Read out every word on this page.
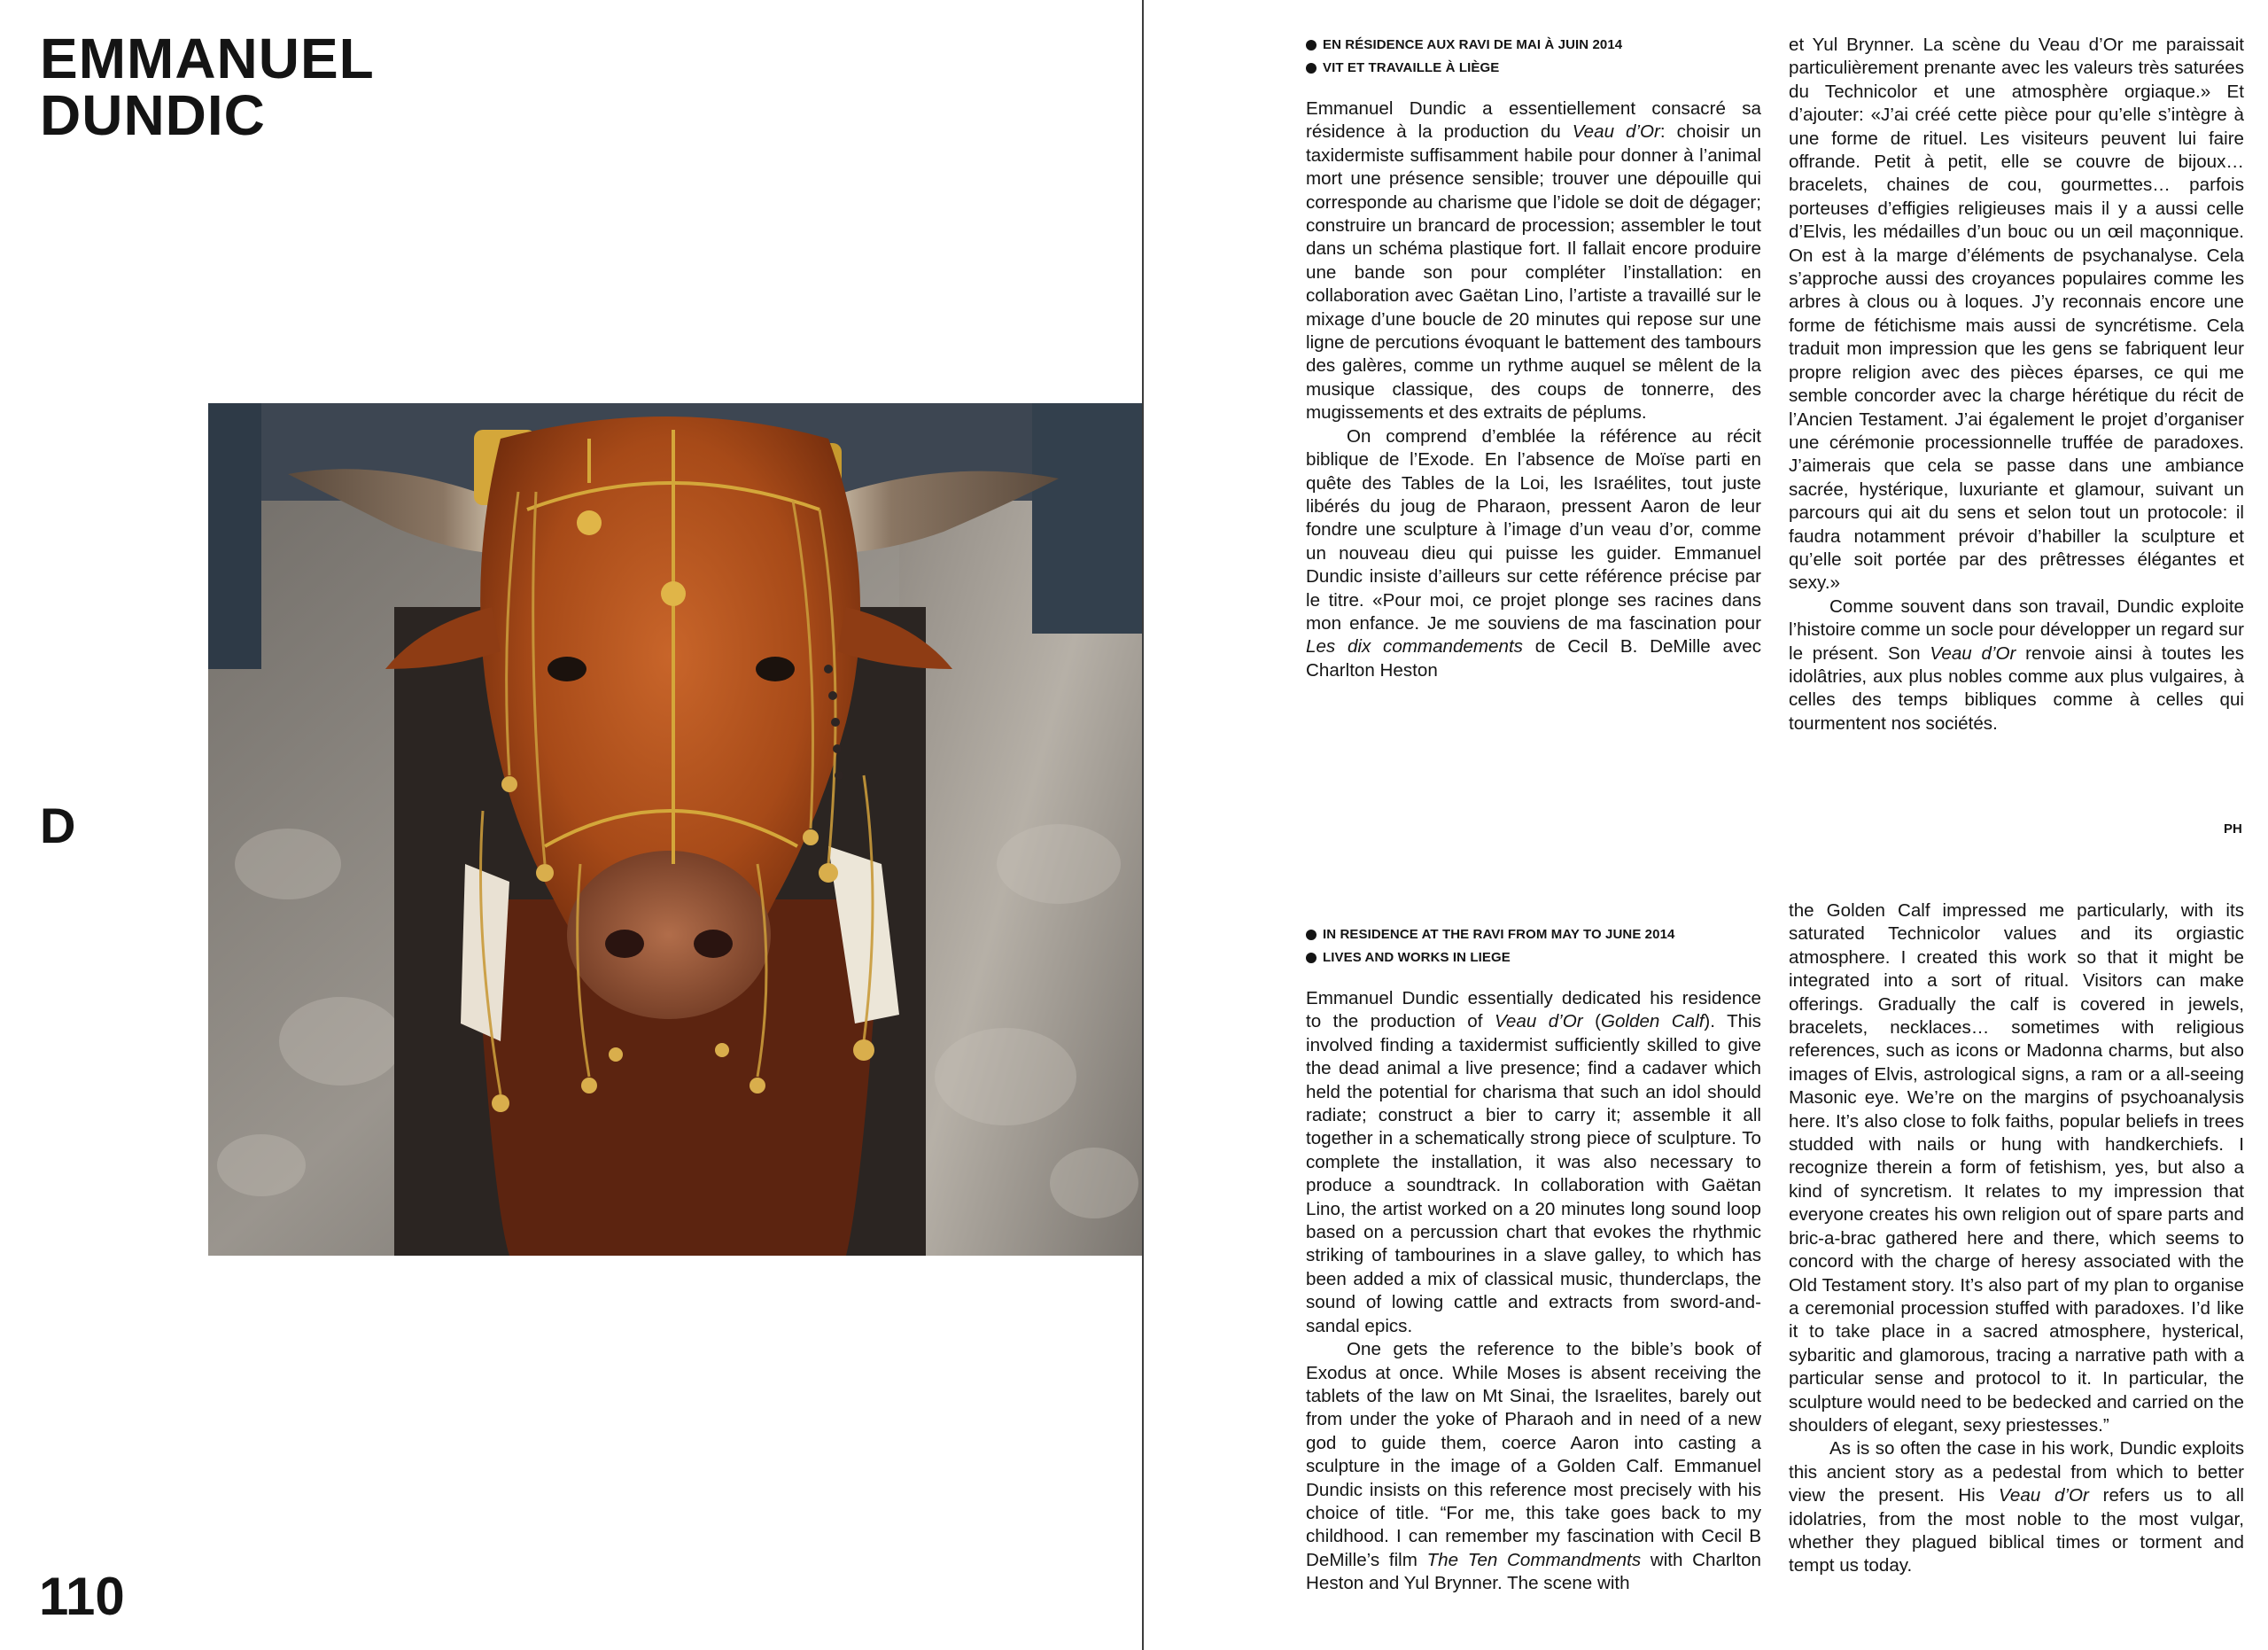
EMMANUEL
DUNDIC
D
110
EN RÉSIDENCE AUX RAVI DE MAI À JUIN 2014
VIT ET TRAVAILLE À LIÈGE

Emmanuel Dundic a essentiellement consacré sa résidence à la production du Veau d’Or: choisir un taxidermiste suffisamment habile pour donner à l’animal mort une présence sensible; trouver une dépouille qui corresponde au charisme que l’idole se doit de dégager; construire un brancard de procession; assembler le tout dans un schéma plastique fort. Il fallait encore produire une bande son pour compléter l’installation: en collaboration avec Gaëtan Lino, l’artiste a travaillé sur le mixage d’une boucle de 20 minutes qui repose sur une ligne de percutions évoquant le battement des tambours des galères, comme un rythme auquel se mêlent de la musique classique, des coups de tonnerre, des mugissements et des extraits de péplums.

On comprend d’emblée la référence au récit biblique de l’Exode. En l’absence de Moïse parti en quête des Tables de la Loi, les Israélites, tout juste libérés du joug de Pharaon, pressent Aaron de leur fondre une sculpture à l’image d’un veau d’or, comme un nouveau dieu qui puisse les guider. Emmanuel Dundic insiste d’ailleurs sur cette référence précise par le titre. «Pour moi, ce projet plonge ses racines dans mon enfance. Je me souviens de ma fascination pour Les dix commandements de Cecil B. DeMille avec Charlton Heston

et Yul Brynner. La scène du Veau d’Or me paraissait particulièrement prenante avec les valeurs très saturées du Technicolor et une atmosphère orgiaque.» Et d’ajouter: «J’ai créé cette pièce pour qu’elle s’intègre à une forme de rituel. Les visiteurs peuvent lui faire offrande. Petit à petit, elle se couvre de bijoux… bracelets, chaines de cou, gourmettes… parfois porteuses d’effigies religieuses mais il y a aussi celle d’Elvis, les médailles d’un bouc ou un œil maçonnique. On est à la marge d’éléments de psychanalyse. Cela s’approche aussi des croyances populaires comme les arbres à clous ou à loques. J’y reconnais encore une forme de fétichisme mais aussi de syncrétisme. Cela traduit mon impression que les gens se fabriquent leur propre religion avec des pièces éparses, ce qui me semble concorder avec la charge hérétique du récit de l’Ancien Testament. J’ai également le projet d’organiser une cérémonie processionnelle truffée de paradoxes. J’aimerais que cela se passe dans une ambiance sacrée, hystérique, luxuriante et glamour, suivant un parcours qui ait du sens et selon tout un protocole: il faudra notamment prévoir d’habiller la sculpture et qu’elle soit portée par des prêtresses élégantes et sexy.»

Comme souvent dans son travail, Dundic exploite l’histoire comme un socle pour développer un regard sur le présent. Son Veau d’Or renvoie ainsi à toutes les idolâtries, aux plus nobles comme aux plus vulgaires, à celles des temps bibliques comme à celles qui tourmentent nos sociétés.

PH
IN RESIDENCE AT THE RAVI FROM MAY TO JUNE 2014
LIVES AND WORKS IN LIEGE

Emmanuel Dundic essentially dedicated his residence to the production of Veau d’Or (Golden Calf). This involved finding a taxidermist sufficiently skilled to give the dead animal a live presence; find a cadaver which held the potential for charisma that such an idol should radiate; construct a bier to carry it; assemble it all together in a schematically strong piece of sculpture. To complete the installation, it was also necessary to produce a soundtrack. In collaboration with Gaëtan Lino, the artist worked on a 20 minutes long sound loop based on a percussion chart that evokes the rhythmic striking of tambourines in a slave galley, to which has been added a mix of classical music, thunderclaps, the sound of lowing cattle and extracts from sword-and-sandal epics.

One gets the reference to the bible’s book of Exodus at once. While Moses is absent receiving the tablets of the law on Mt Sinai, the Israelites, barely out from under the yoke of Pharaoh and in need of a new god to guide them, coerce Aaron into casting a sculpture in the image of a Golden Calf. Emmanuel Dundic insists on this reference most precisely with his choice of title. “For me, this take goes back to my childhood. I can remember my fascination with Cecil B DeMille’s film The Ten Commandments with Charlton Heston and Yul Brynner. The scene with

the Golden Calf impressed me particularly, with its saturated Technicolor values and its orgiastic atmosphere. I created this work so that it might be integrated into a sort of ritual. Visitors can make offerings. Gradually the calf is covered in jewels, bracelets, necklaces… sometimes with religious references, such as icons or Madonna charms, but also images of Elvis, astrological signs, a ram or a all-seeing Masonic eye. We’re on the margins of psychoanalysis here. It’s also close to folk faiths, popular beliefs in trees studded with nails or hung with handkerchiefs. I recognize therein a form of fetishism, yes, but also a kind of syncretism. It relates to my impression that everyone creates his own religion out of spare parts and bric-a-brac gathered here and there, which seems to concord with the charge of heresy associated with the Old Testament story. It’s also part of my plan to organise a ceremonial procession stuffed with paradoxes. I’d like it to take place in a sacred atmosphere, hysterical, sybaritic and glamorous, tracing a narrative path with a particular sense and protocol to it. In particular, the sculpture would need to be bedecked and carried on the shoulders of elegant, sexy priestesses.”

As is so often the case in his work, Dundic exploits this ancient story as a pedestal from which to better view the present. His Veau d’Or refers us to all idolatries, from the most noble to the most vulgar, whether they plagued biblical times or torment and tempt us today.
